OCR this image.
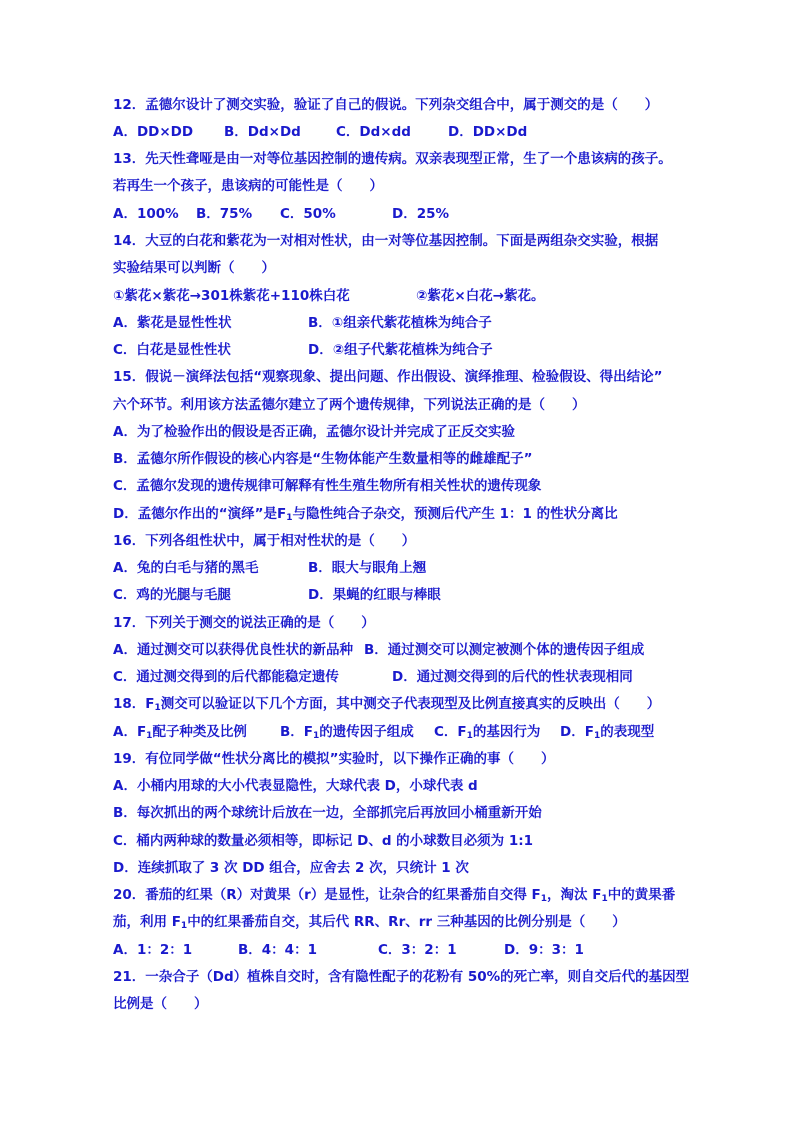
12．孟德尔设计了测交实验，验证了自己的假说。下列杂交组合中，属于测交的是（　　）
A．DD×DD B．Dd×Dd	C．Dd×dd	D．DD×Dd
13．先天性聋哑是由一对等位基因控制的遗传病。双亲表现型正常，生了一个患该病的孩子。
若再生一个孩子，患该病的可能性是（　　）
A．100% B．75% C．50%	D．25%
14．大豆的白花和紫花为一对相对性状，由一对等位基因控制。下面是两组杂交实验，根据
实验结果可以判断（　　）
①紫花×紫花→301株紫花+110株白花	②紫花×白花→紫花。
A．紫花是显性性状	B．①组亲代紫花植株为纯合子
C．白花是显性性状	D．②组子代紫花植株为纯合子
15．假说－演绎法包括“观察现象、提出问题、作出假设、演绎推理、检验假设、得出结论”
六个环节。利用该方法孟德尔建立了两个遗传规律，下列说法正确的是（　　）
A．为了检验作出的假设是否正确，孟德尔设计并完成了正反交实验
B．孟德尔所作假设的核心内容是“生物体能产生数量相等的雌雄配子”
C．孟德尔发现的遗传规律可解释有性生殖生物所有相关性状的遗传现象
D．孟德尔作出的“演绎”是$F_1$与隐性纯合子杂交，预测后代产生 1：1 的性状分离比
16．下列各组性状中，属于相对性状的是（　　）
A．兔的白毛与猪的黑毛	B．眼大与眼角上翘
C．鸡的光腿与毛腿	D．果蝇的红眼与棒眼
17．下列关于测交的说法正确的是（　　）
A．通过测交可以获得优良性状的新品种 B．通过测交可以测定被测个体的遗传因子组成
C．通过测交得到的后代都能稳定遗传	D．通过测交得到的后代的性状表现相同
18．$F_1$测交可以验证以下几个方面，其中测交子代表现型及比例直接真实的反映出（　　）
A．$F_1$配子种类及比例 B．$F_1$的遗传因子组成 C．$F_1$的基因行为 D．$F_1$的表现型
19．有位同学做“性状分离比的模拟”实验时，以下操作正确的事（　　）
A．小桶内用球的大小代表显隐性，大球代表 D，小球代表 d
B．每次抓出的两个球统计后放在一边，全部抓完后再放回小桶重新开始
C．桶内两种球的数量必须相等，即标记 D、d 的小球数目必须为 1:1
D．连续抓取了 3 次 DD 组合，应舍去 2 次，只统计 1 次
20．番茄的红果（R）对黄果（r）是显性，让杂合的红果番茄自交得 $F_1$，淘汰 $F_1$中的黄果番
茄，利用 $F_1$中的红果番茄自交，其后代 RR、Rr、rr 三种基因的比例分别是（　　）
A．1：2：1	B．4：4：1	C．3：2：1	D．9：3：1
21．一杂合子（Dd）植株自交时，含有隐性配子的花粉有 50%的死亡率，则自交后代的基因型
比例是（　　）
